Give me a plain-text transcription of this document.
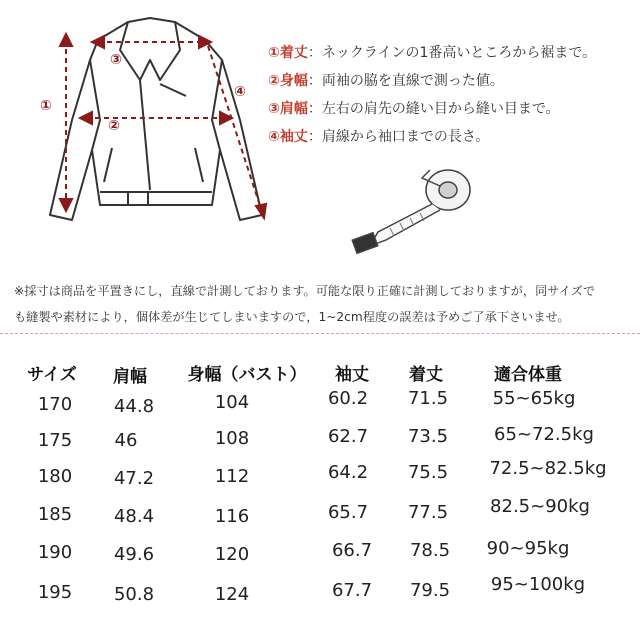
①
②
③
④
①着丈：ネックラインの1番高いところから裾まで。
②身幅：両袖の脇を直線で測った値。
③肩幅：左右の肩先の縫い目から縫い目まで。
④袖丈：肩線から袖口までの長さ。
※採寸は商品を平置きにし，直線で計測しております。可能な限り正確に計測しておりますが，同サイズで
も縫製や素材により，個体差が生じてしまいますので，1~2cm程度の誤差は予めご了承下さいませ。
サイズ 肩幅 身幅（バスト） 袖丈 着丈	適合体重
170 44.8	104	60.2 71.5 55~65kg
175 46	108	62.7 73.5	65~72.5kg
180 47.2	112	64.2 75.5 72.5~82.5kg
185 48.4	116	65.7 77.5 82.5~90kg
190 49.6	120	66.7 78.5 90~95kg
195 50.8	124	67.7 79.5 95~100kg
